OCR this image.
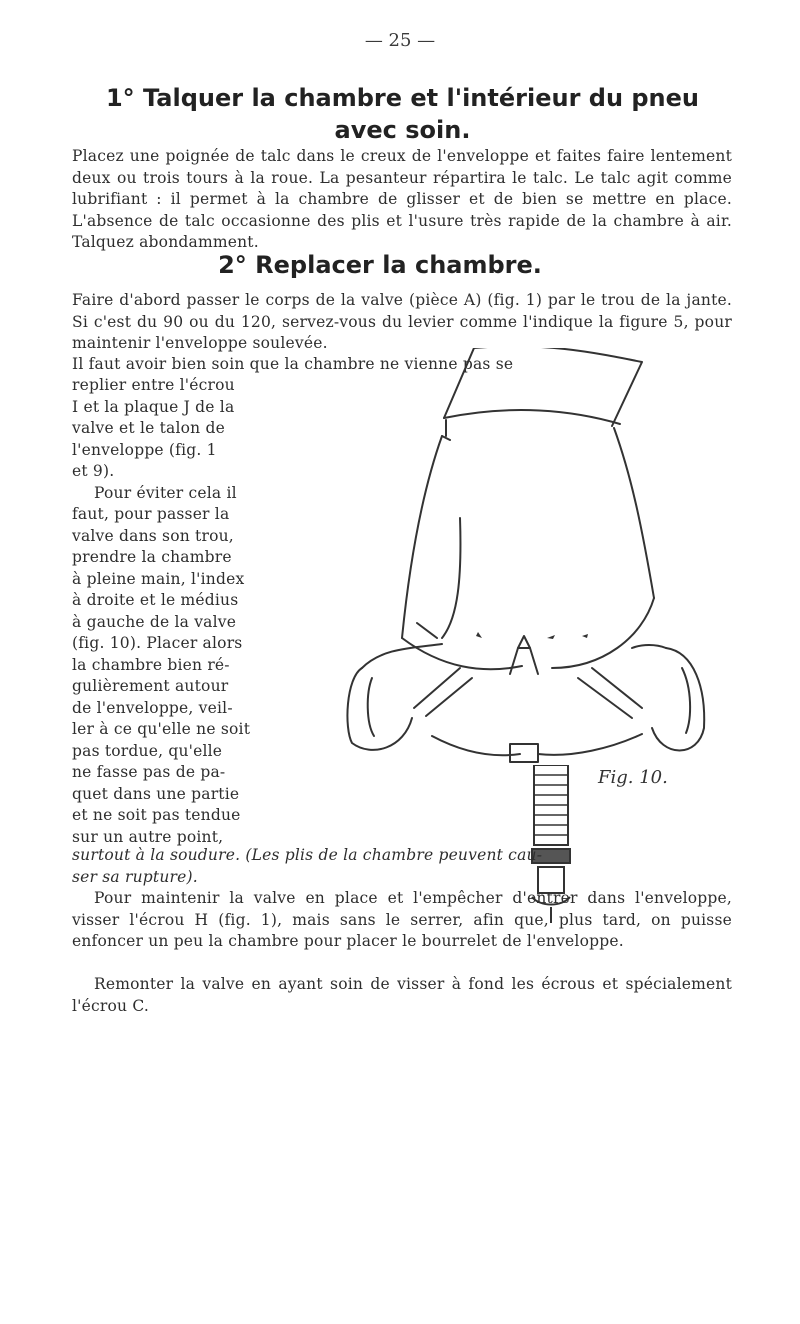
— 25 —
1° Talquer la chambre et l'intérieur du pneu
avec soin.
Placez une poignée de talc dans le creux de l'enveloppe et faites faire lentement deux ou trois tours à la roue. La pesanteur répartira le talc. Le talc agit comme lubrifiant : il permet à la chambre de glisser et de bien se mettre en place. L'absence de talc occasionne des plis et l'usure très rapide de la chambre à air. Talquez abondamment.
2° Replacer la chambre.
Faire d'abord passer le corps de la valve (pièce A) (fig. 1) par le trou de la jante. Si c'est du 90 ou du 120, servez-vous du levier comme l'indique la figure 5, pour maintenir l'enveloppe soulevée.
Il faut avoir bien soin que la chambre ne vienne pas se
replier entre l'écrou
I et la plaque J de la
valve et le talon de
l'enveloppe (fig. 1
et 9).
Pour éviter cela il
faut, pour passer la
valve dans son trou,
prendre la chambre
à pleine main, l'index
à droite et le médius
à gauche de la valve
(fig. 10). Placer alors
la chambre bien ré-
gulièrement autour
de l'enveloppe, veil-
ler à ce qu'elle ne soit
pas tordue, qu'elle
ne fasse pas de pa-
quet dans une partie
et ne soit pas tendue
sur un autre point,
Fig. 10.
surtout à la soudure. (Les plis de la chambre peuvent cau-
ser sa rupture).
Pour maintenir la valve en place et l'empêcher d'entrer dans l'enveloppe, visser l'écrou H (fig. 1), mais sans le serrer, afin que, plus tard, on puisse enfoncer un peu la chambre pour placer le bourrelet de l'enveloppe.
Remonter la valve en ayant soin de visser à fond les écrous et spécialement l'écrou C.
